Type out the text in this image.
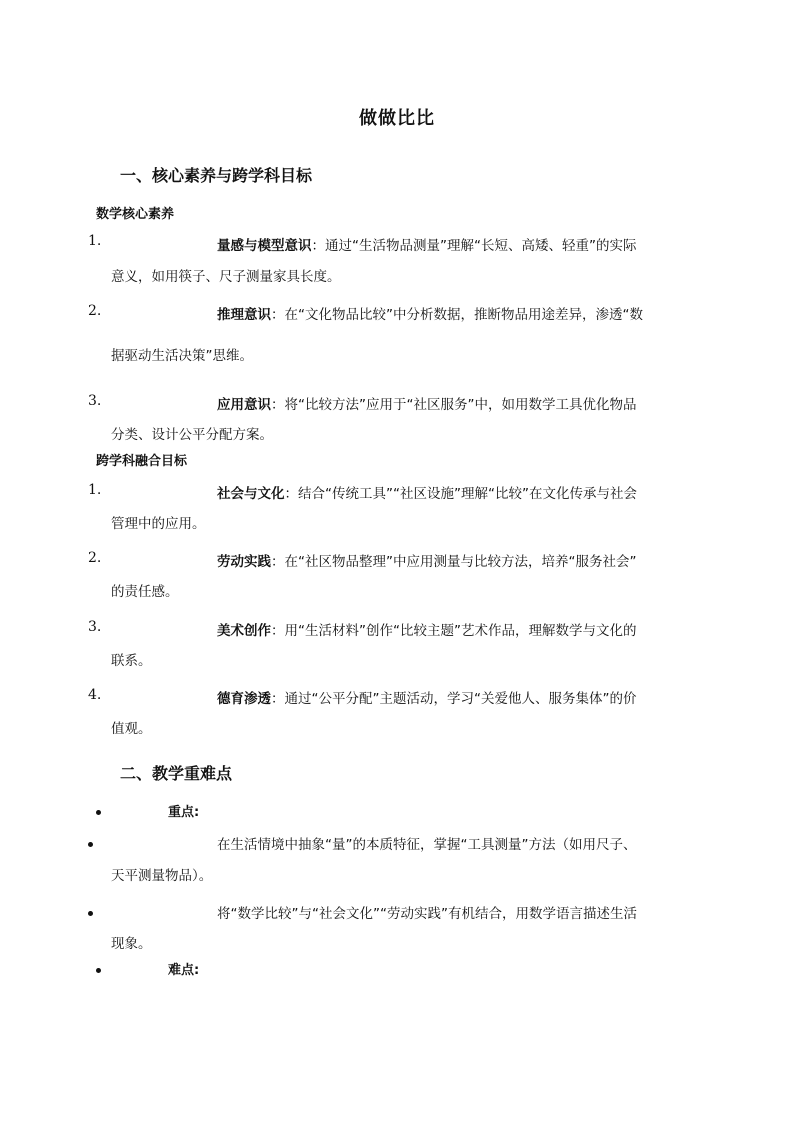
做做比比
一、核心素养与跨学科目标
数学核心素养
1.	量感与模型意识：通过“生活物品测量”理解“长短、高矮、轻重”的实际
意义，如用筷子、尺子测量家具长度。
2.	推理意识：在“文化物品比较”中分析数据，推断物品用途差异，渗透“数
据驱动生活决策”思维。
3.	应用意识：将“比较方法”应用于“社区服务”中，如用数学工具优化物品
分类、设计公平分配方案。
跨学科融合目标
1.	社会与文化：结合“传统工具”“社区设施”理解“比较”在文化传承与社会
管理中的应用。
2.	劳动实践：在“社区物品整理”中应用测量与比较方法，培养“服务社会”
的责任感。
3.	美术创作：用“生活材料”创作“比较主题”艺术作品，理解数学与文化的
联系。
4.	德育渗透：通过“公平分配”主题活动，学习“关爱他人、服务集体”的价
值观。
二、教学重难点
重点:
在生活情境中抽象“量”的本质特征，掌握“工具测量”方法（如用尺子、
天平测量物品）。
将“数学比较”与“社会文化”“劳动实践”有机结合，用数学语言描述生活
现象。
难点:
